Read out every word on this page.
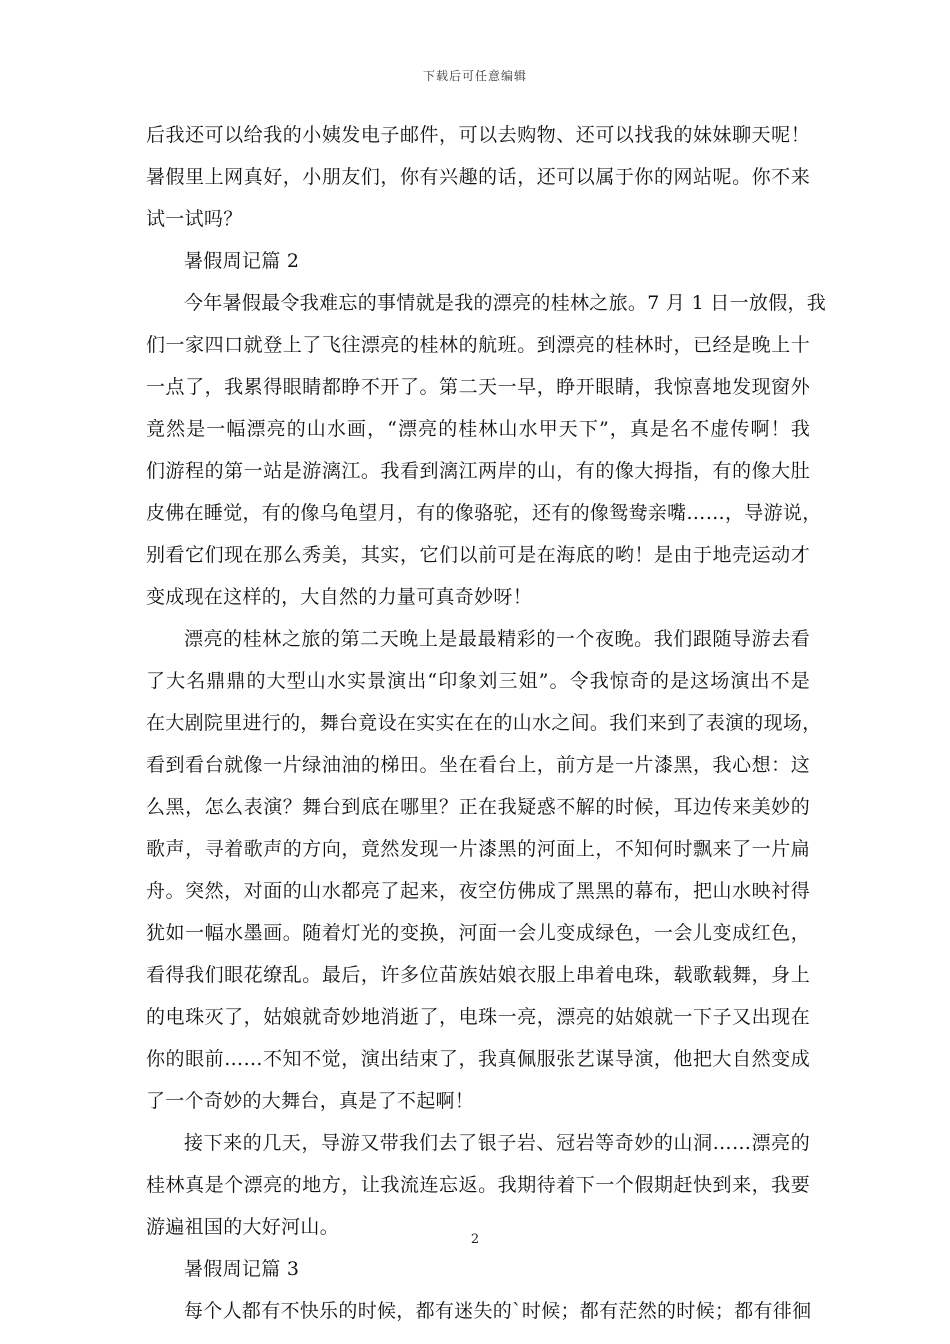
下载后可任意编辑
后我还可以给我的小姨发电子邮件，可以去购物、还可以找我的妹妹聊天呢！
暑假里上网真好，小朋友们，你有兴趣的话，还可以属于你的网站呢。你不来
试一试吗？
暑假周记篇 2
今年暑假最令我难忘的事情就是我的漂亮的桂林之旅。7 月 1 日一放假，我
们一家四口就登上了飞往漂亮的桂林的航班。到漂亮的桂林时，已经是晚上十
一点了，我累得眼睛都睁不开了。第二天一早，睁开眼睛，我惊喜地发现窗外
竟然是一幅漂亮的山水画，“漂亮的桂林山水甲天下”，真是名不虚传啊！我
们游程的第一站是游漓江。我看到漓江两岸的山，有的像大拇指，有的像大肚
皮佛在睡觉，有的像乌龟望月，有的像骆驼，还有的像鸳鸯亲嘴……，导游说，
别看它们现在那么秀美，其实，它们以前可是在海底的哟！是由于地壳运动才
变成现在这样的，大自然的力量可真奇妙呀！
漂亮的桂林之旅的第二天晚上是最最精彩的一个夜晚。我们跟随导游去看
了大名鼎鼎的大型山水实景演出“印象刘三姐”。令我惊奇的是这场演出不是
在大剧院里进行的，舞台竟设在实实在在的山水之间。我们来到了表演的现场，
看到看台就像一片绿油油的梯田。坐在看台上，前方是一片漆黑，我心想：这
么黑，怎么表演？舞台到底在哪里？正在我疑惑不解的时候，耳边传来美妙的
歌声，寻着歌声的方向，竟然发现一片漆黑的河面上，不知何时飘来了一片扁
舟。突然，对面的山水都亮了起来，夜空仿佛成了黑黑的幕布，把山水映衬得
犹如一幅水墨画。随着灯光的变换，河面一会儿变成绿色，一会儿变成红色，
看得我们眼花缭乱。最后，许多位苗族姑娘衣服上串着电珠，载歌载舞，身上
的电珠灭了，姑娘就奇妙地消逝了，电珠一亮，漂亮的姑娘就一下子又出现在
你的眼前……不知不觉，演出结束了，我真佩服张艺谋导演，他把大自然变成
了一个奇妙的大舞台，真是了不起啊！
接下来的几天，导游又带我们去了银子岩、冠岩等奇妙的山洞……漂亮的
桂林真是个漂亮的地方，让我流连忘返。我期待着下一个假期赶快到来，我要
游遍祖国的大好河山。
暑假周记篇 3
每个人都有不快乐的时候，都有迷失的`时候；都有茫然的时候；都有徘徊
2
